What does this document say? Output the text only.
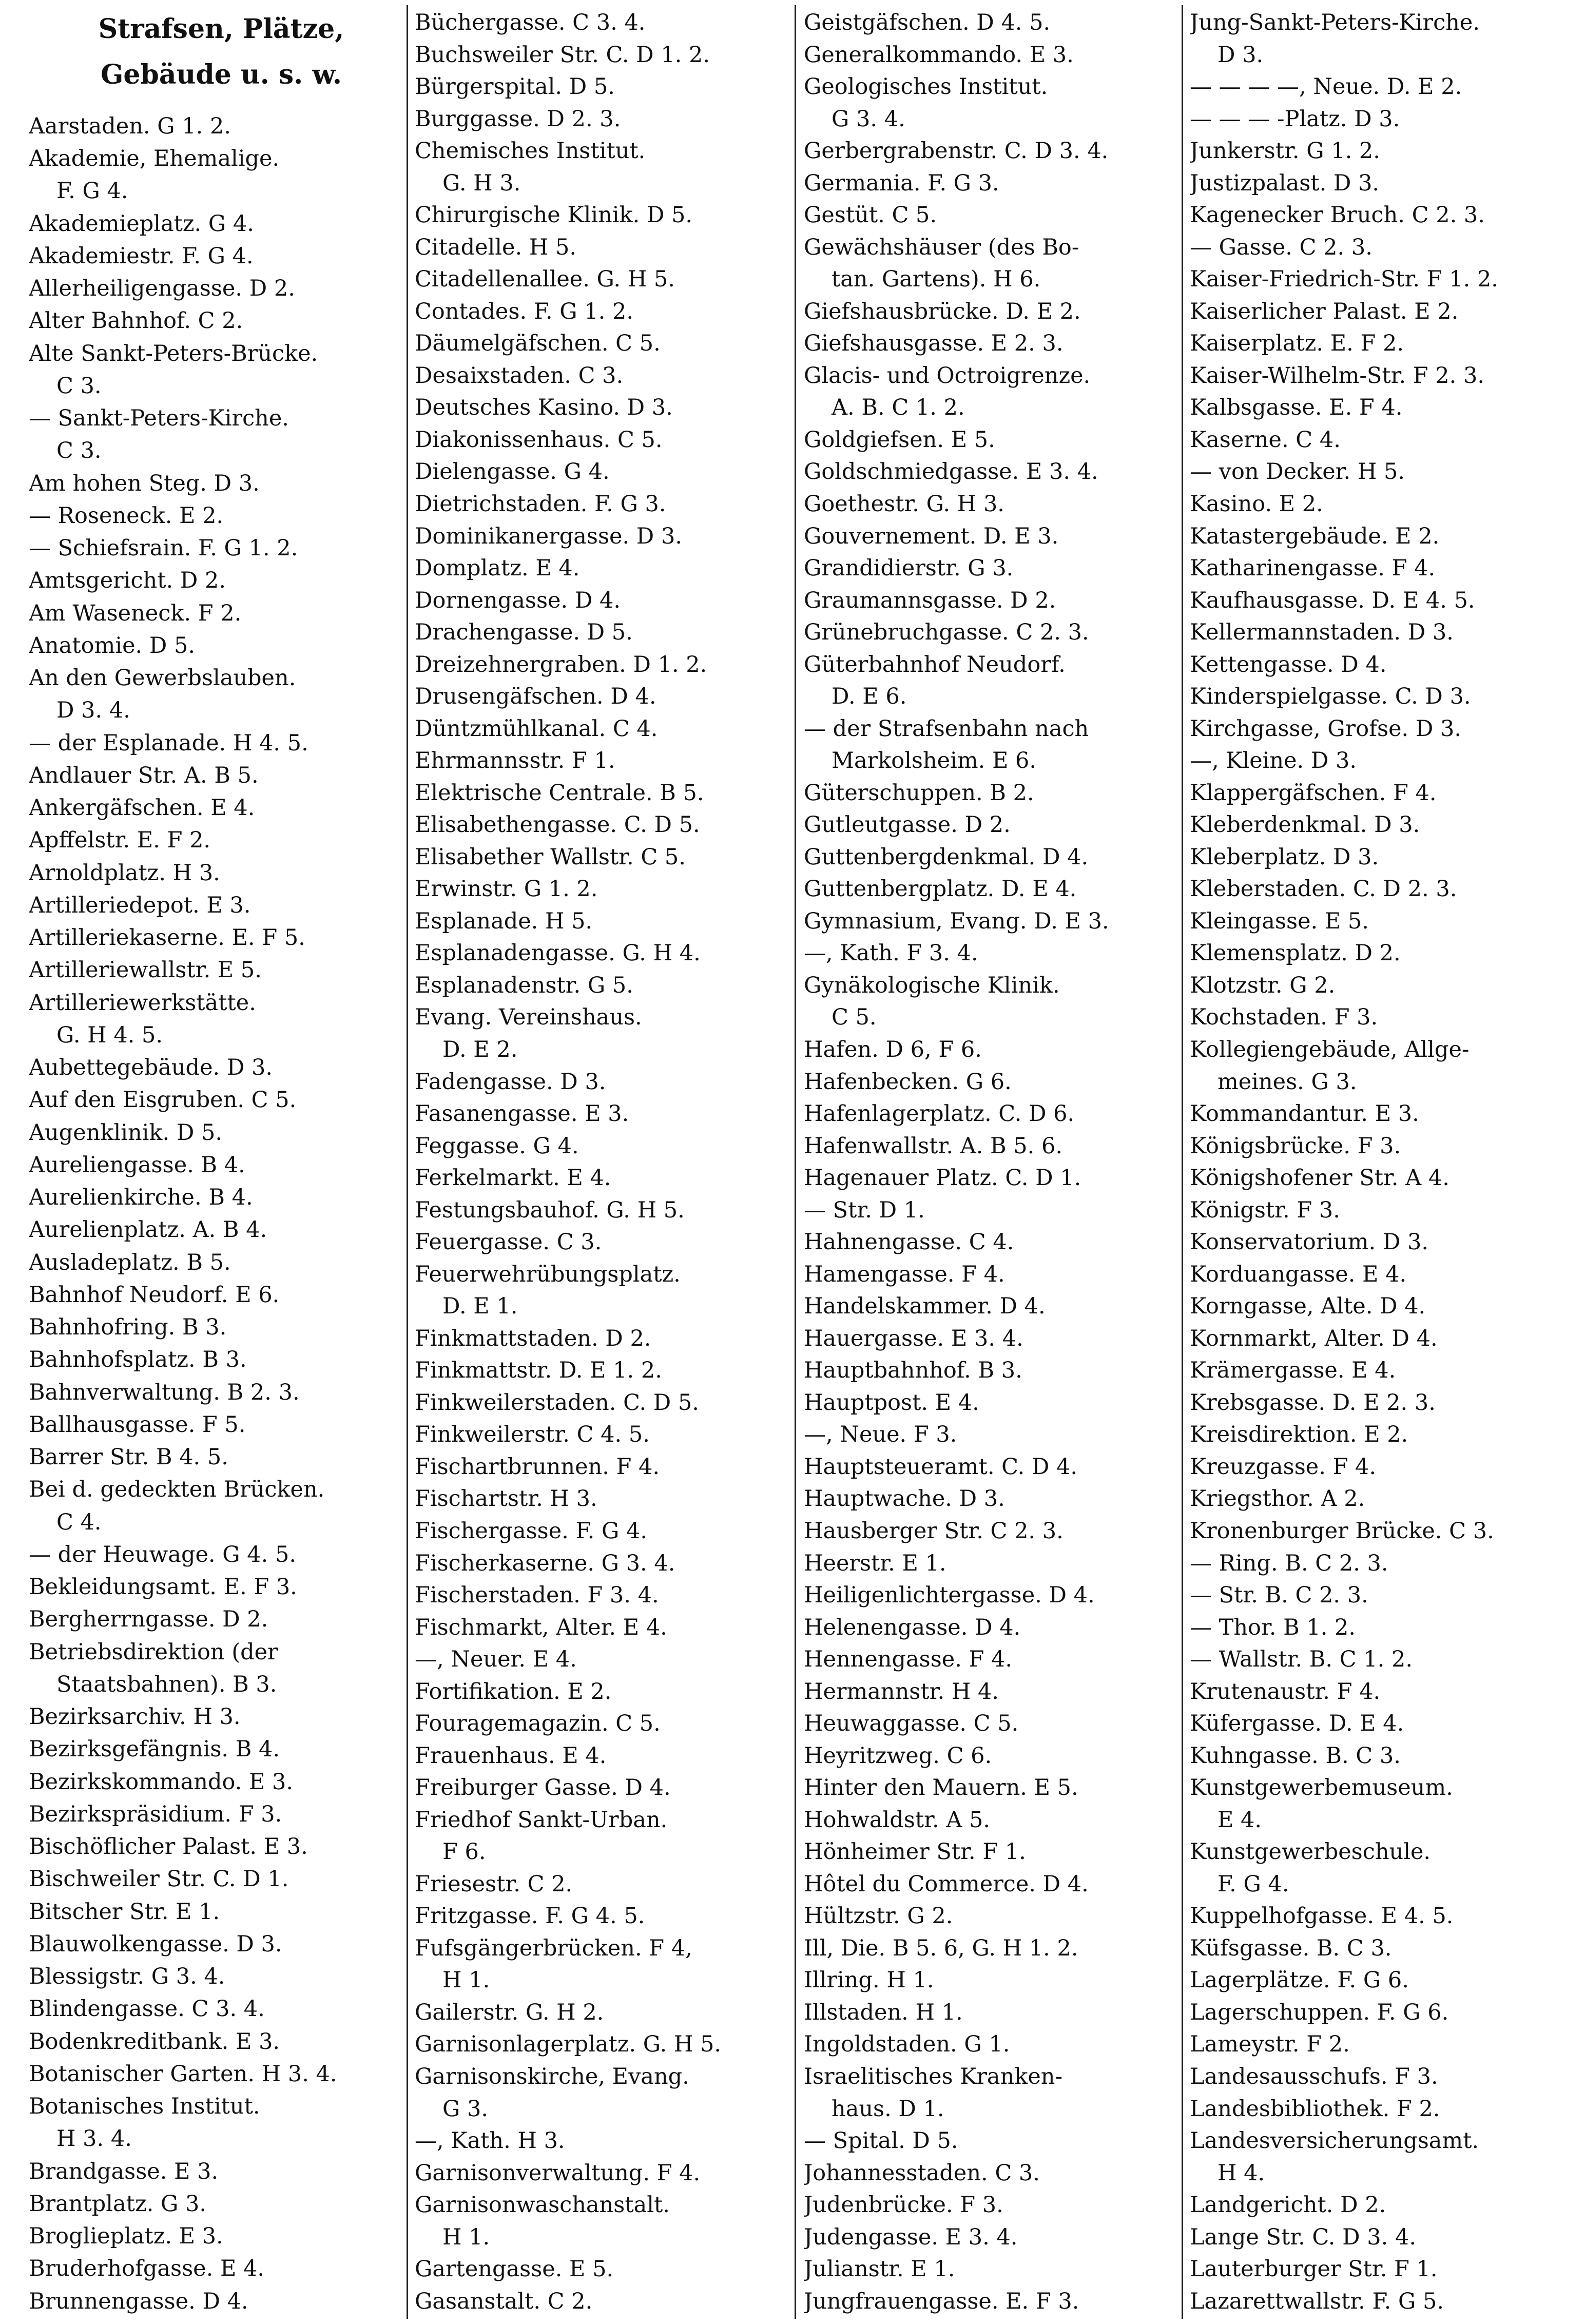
Strafsen, Plätze,
Gebäude u. s. w.
Aarstaden. G 1. 2.
Akademie, Ehemalige.
F. G 4.
Akademieplatz. G 4.
Akademiestr. F. G 4.
Allerheiligengasse. D 2.
Alter Bahnhof. C 2.
Alte Sankt-Peters-Brücke.
C 3.
— Sankt-Peters-Kirche.
C 3.
Am hohen Steg. D 3.
— Roseneck. E 2.
— Schiefsrain. F. G 1. 2.
Amtsgericht. D 2.
Am Waseneck. F 2.
Anatomie. D 5.
An den Gewerbslauben.
D 3. 4.
— der Esplanade. H 4. 5.
Andlauer Str. A. B 5.
Ankergäfschen. E 4.
Apffelstr. E. F 2.
Arnoldplatz. H 3.
Artilleriedepot. E 3.
Artilleriekaserne. E. F 5.
Artilleriewallstr. E 5.
Artilleriewerkstätte.
G. H 4. 5.
Aubettegebäude. D 3.
Auf den Eisgruben. C 5.
Augenklinik. D 5.
Aureliengasse. B 4.
Aurelienkirche. B 4.
Aurelienplatz. A. B 4.
Ausladeplatz. B 5.
Bahnhof Neudorf. E 6.
Bahnhofring. B 3.
Bahnhofsplatz. B 3.
Bahnverwaltung. B 2. 3.
Ballhausgasse. F 5.
Barrer Str. B 4. 5.
Bei d. gedeckten Brücken.
C 4.
— der Heuwage. G 4. 5.
Bekleidungsamt. E. F 3.
Bergherrngasse. D 2.
Betriebsdirektion (der
Staatsbahnen). B 3.
Bezirksarchiv. H 3.
Bezirksgefängnis. B 4.
Bezirkskommando. E 3.
Bezirkspräsidium. F 3.
Bischöflicher Palast. E 3.
Bischweiler Str. C. D 1.
Bitscher Str. E 1.
Blauwolkengasse. D 3.
Blessigstr. G 3. 4.
Blindengasse. C 3. 4.
Bodenkreditbank. E 3.
Botanischer Garten. H 3. 4.
Botanisches Institut.
H 3. 4.
Brandgasse. E 3.
Brantplatz. G 3.
Broglieplatz. E 3.
Bruderhofgasse. E 4.
Brunnengasse. D 4.
Büchergasse. C 3. 4.
Buchsweiler Str. C. D 1. 2.
Bürgerspital. D 5.
Burggasse. D 2. 3.
Chemisches Institut.
G. H 3.
Chirurgische Klinik. D 5.
Citadelle. H 5.
Citadellenallee. G. H 5.
Contades. F. G 1. 2.
Däumelgäfschen. C 5.
Desaixstaden. C 3.
Deutsches Kasino. D 3.
Diakonissenhaus. C 5.
Dielengasse. G 4.
Dietrichstaden. F. G 3.
Dominikanergasse. D 3.
Domplatz. E 4.
Dornengasse. D 4.
Drachengasse. D 5.
Dreizehnergraben. D 1. 2.
Drusengäfschen. D 4.
Düntzmühlkanal. C 4.
Ehrmannsstr. F 1.
Elektrische Centrale. B 5.
Elisabethengasse. C. D 5.
Elisabether Wallstr. C 5.
Erwinstr. G 1. 2.
Esplanade. H 5.
Esplanadengasse. G. H 4.
Esplanadenstr. G 5.
Evang. Vereinshaus.
D. E 2.
Fadengasse. D 3.
Fasanengasse. E 3.
Feggasse. G 4.
Ferkelmarkt. E 4.
Festungsbauhof. G. H 5.
Feuergasse. C 3.
Feuerwehrübungsplatz.
D. E 1.
Finkmattstaden. D 2.
Finkmattstr. D. E 1. 2.
Finkweilerstaden. C. D 5.
Finkweilerstr. C 4. 5.
Fischartbrunnen. F 4.
Fischartstr. H 3.
Fischergasse. F. G 4.
Fischerkaserne. G 3. 4.
Fischerstaden. F 3. 4.
Fischmarkt, Alter. E 4.
—, Neuer. E 4.
Fortifikation. E 2.
Fouragemagazin. C 5.
Frauenhaus. E 4.
Freiburger Gasse. D 4.
Friedhof Sankt-Urban.
F 6.
Friesestr. C 2.
Fritzgasse. F. G 4. 5.
Fufsgängerbrücken. F 4,
H 1.
Gailerstr. G. H 2.
Garnisonlagerplatz. G. H 5.
Garnisonskirche, Evang.
G 3.
—, Kath. H 3.
Garnisonverwaltung. F 4.
Garnisonwaschanstalt.
H 1.
Gartengasse. E 5.
Gasanstalt. C 2.
Geistgäfschen. D 4. 5.
Generalkommando. E 3.
Geologisches Institut.
G 3. 4.
Gerbergrabenstr. C. D 3. 4.
Germania. F. G 3.
Gestüt. C 5.
Gewächshäuser (des Bo-
tan. Gartens). H 6.
Giefshausbrücke. D. E 2.
Giefshausgasse. E 2. 3.
Glacis- und Octroigrenze.
A. B. C 1. 2.
Goldgiefsen. E 5.
Goldschmiedgasse. E 3. 4.
Goethestr. G. H 3.
Gouvernement. D. E 3.
Grandidierstr. G 3.
Graumannsgasse. D 2.
Grünebruchgasse. C 2. 3.
Güterbahnhof Neudorf.
D. E 6.
— der Strafsenbahn nach
Markolsheim. E 6.
Güterschuppen. B 2.
Gutleutgasse. D 2.
Guttenbergdenkmal. D 4.
Guttenbergplatz. D. E 4.
Gymnasium, Evang. D. E 3.
—, Kath. F 3. 4.
Gynäkologische Klinik.
C 5.
Hafen. D 6, F 6.
Hafenbecken. G 6.
Hafenlagerplatz. C. D 6.
Hafenwallstr. A. B 5. 6.
Hagenauer Platz. C. D 1.
— Str. D 1.
Hahnengasse. C 4.
Hamengasse. F 4.
Handelskammer. D 4.
Hauergasse. E 3. 4.
Hauptbahnhof. B 3.
Hauptpost. E 4.
—, Neue. F 3.
Hauptsteueramt. C. D 4.
Hauptwache. D 3.
Hausberger Str. C 2. 3.
Heerstr. E 1.
Heiligenlichtergasse. D 4.
Helenengasse. D 4.
Hennengasse. F 4.
Hermannstr. H 4.
Heuwaggasse. C 5.
Heyritzweg. C 6.
Hinter den Mauern. E 5.
Hohwaldstr. A 5.
Hönheimer Str. F 1.
Hôtel du Commerce. D 4.
Hültzstr. G 2.
Ill, Die. B 5. 6, G. H 1. 2.
Illring. H 1.
Illstaden. H 1.
Ingoldstaden. G 1.
Israelitisches Kranken-
haus. D 1.
— Spital. D 5.
Johannesstaden. C 3.
Judenbrücke. F 3.
Judengasse. E 3. 4.
Julianstr. E 1.
Jungfrauengasse. E. F 3.
Jung-Sankt-Peters-Kirche.
D 3.
— — — —, Neue. D. E 2.
— — — -Platz. D 3.
Junkerstr. G 1. 2.
Justizpalast. D 3.
Kagenecker Bruch. C 2. 3.
— Gasse. C 2. 3.
Kaiser-Friedrich-Str. F 1. 2.
Kaiserlicher Palast. E 2.
Kaiserplatz. E. F 2.
Kaiser-Wilhelm-Str. F 2. 3.
Kalbsgasse. E. F 4.
Kaserne. C 4.
— von Decker. H 5.
Kasino. E 2.
Katastergebäude. E 2.
Katharinengasse. F 4.
Kaufhausgasse. D. E 4. 5.
Kellermannstaden. D 3.
Kettengasse. D 4.
Kinderspielgasse. C. D 3.
Kirchgasse, Grofse. D 3.
—, Kleine. D 3.
Klappergäfschen. F 4.
Kleberdenkmal. D 3.
Kleberplatz. D 3.
Kleberstaden. C. D 2. 3.
Kleingasse. E 5.
Klemensplatz. D 2.
Klotzstr. G 2.
Kochstaden. F 3.
Kollegiengebäude, Allge-
meines. G 3.
Kommandantur. E 3.
Königsbrücke. F 3.
Königshofener Str. A 4.
Königstr. F 3.
Konservatorium. D 3.
Korduangasse. E 4.
Korngasse, Alte. D 4.
Kornmarkt, Alter. D 4.
Krämergasse. E 4.
Krebsgasse. D. E 2. 3.
Kreisdirektion. E 2.
Kreuzgasse. F 4.
Kriegsthor. A 2.
Kronenburger Brücke. C 3.
— Ring. B. C 2. 3.
— Str. B. C 2. 3.
— Thor. B 1. 2.
— Wallstr. B. C 1. 2.
Krutenaustr. F 4.
Küfergasse. D. E 4.
Kuhngasse. B. C 3.
Kunstgewerbemuseum.
E 4.
Kunstgewerbeschule.
F. G 4.
Kuppelhofgasse. E 4. 5.
Küfsgasse. B. C 3.
Lagerplätze. F. G 6.
Lagerschuppen. F. G 6.
Lameystr. F 2.
Landesausschufs. F 3.
Landesbibliothek. F 2.
Landesversicherungsamt.
H 4.
Landgericht. D 2.
Lange Str. C. D 3. 4.
Lauterburger Str. F 1.
Lazarettwallstr. F. G 5.
